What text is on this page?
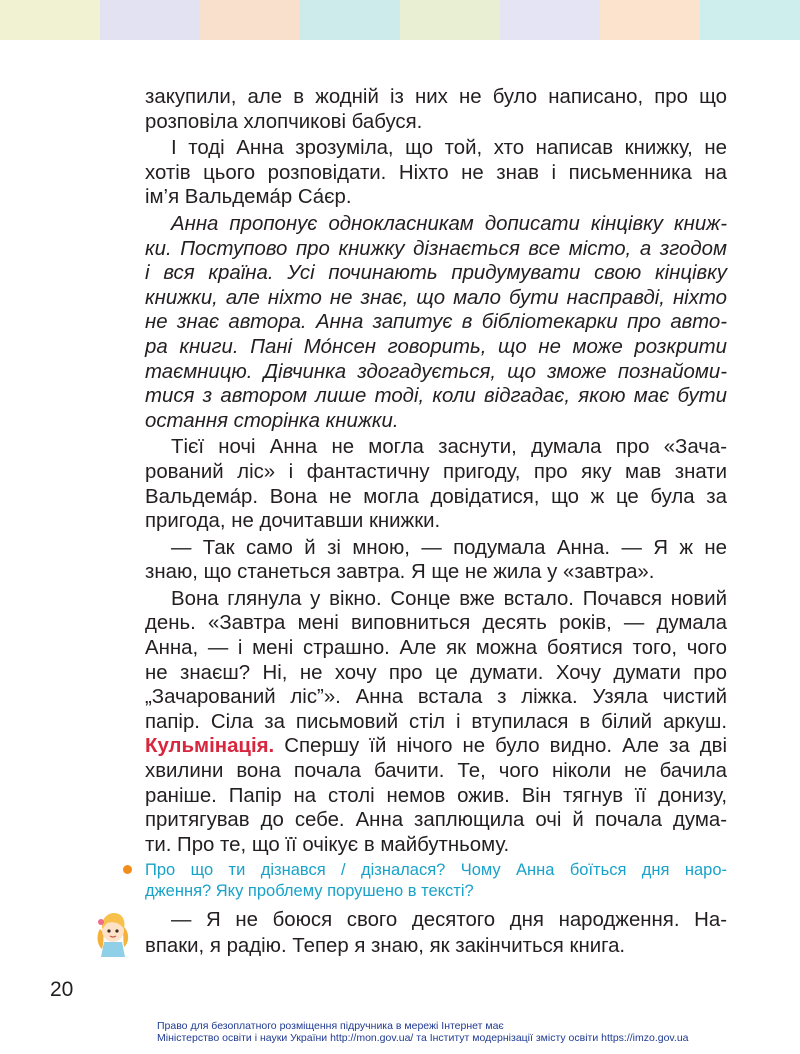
закупили, але в жодній із них не було написано, про що

розповіла хлопчикові бабуся.

І тоді Анна зрозуміла, що той, хто написав книжку, не

хотів цього розповідати. Ніхто не знав і письменника на

ім’я Вальдема́р Са́єр.

Анна пропонує однокласникам дописати кінцівку книж-

ки. Поступово про книжку дізнається все місто, а згодом

і вся країна. Усі починають придумувати свою кінцівку

книжки, але ніхто не знає, що мало бути насправді, ніхто

не знає автора. Анна запитує в бібліотекарки про авто-

ра книги. Пані Мо́нсен говорить, що не може розкрити

таємницю. Дівчинка здогадується, що зможе познайоми-

тися з автором лише тоді, коли відгадає, якою має бути

остання сторінка книжки.

Тієї ночі Анна не могла заснути, думала про «Зача-

рований ліс» і фантастичну пригоду, про яку мав знати

Вальдема́р. Вона не могла довідатися, що ж це була за

пригода, не дочитавши книжки.

— Так само й зі мною, — подумала Анна. — Я ж не

знаю, що станеться завтра. Я ще не жила у «завтра».

Вона глянула у вікно. Сонце вже встало. Почався новий

день. «Завтра мені виповниться десять років, — думала

Анна, — і мені страшно. Але як можна боятися того, чого

не знаєш? Ні, не хочу про це думати. Хочу думати про

„Зачарований ліс”». Анна встала з ліжка. Узяла чистий

папір. Сіла за письмовий стіл і втупилася в білий аркуш.

Кульмінація. Спершу їй нічого не було видно. Але за дві

хвилини вона почала бачити. Те, чого ніколи не бачила

раніше. Папір на столі немов ожив. Він тягнув її донизу,

притягував до себе. Анна заплющила очі й почала дума-

ти. Про те, що її очікує в майбутньому.

Про що ти дізнався / дізналася? Чому Анна боїться дня наро-
дження? Яку проблему порушено в тексті?
— Я не боюся свого десятого дня народження. На-
впаки, я радію. Тепер я знаю, як закінчиться книга.
20
Право для безоплатного розміщення підручника в мережі Інтернет має
Міністерство освіти і науки України http://mon.gov.ua/ та Інститут модернізації змісту освіти https://imzo.gov.ua
